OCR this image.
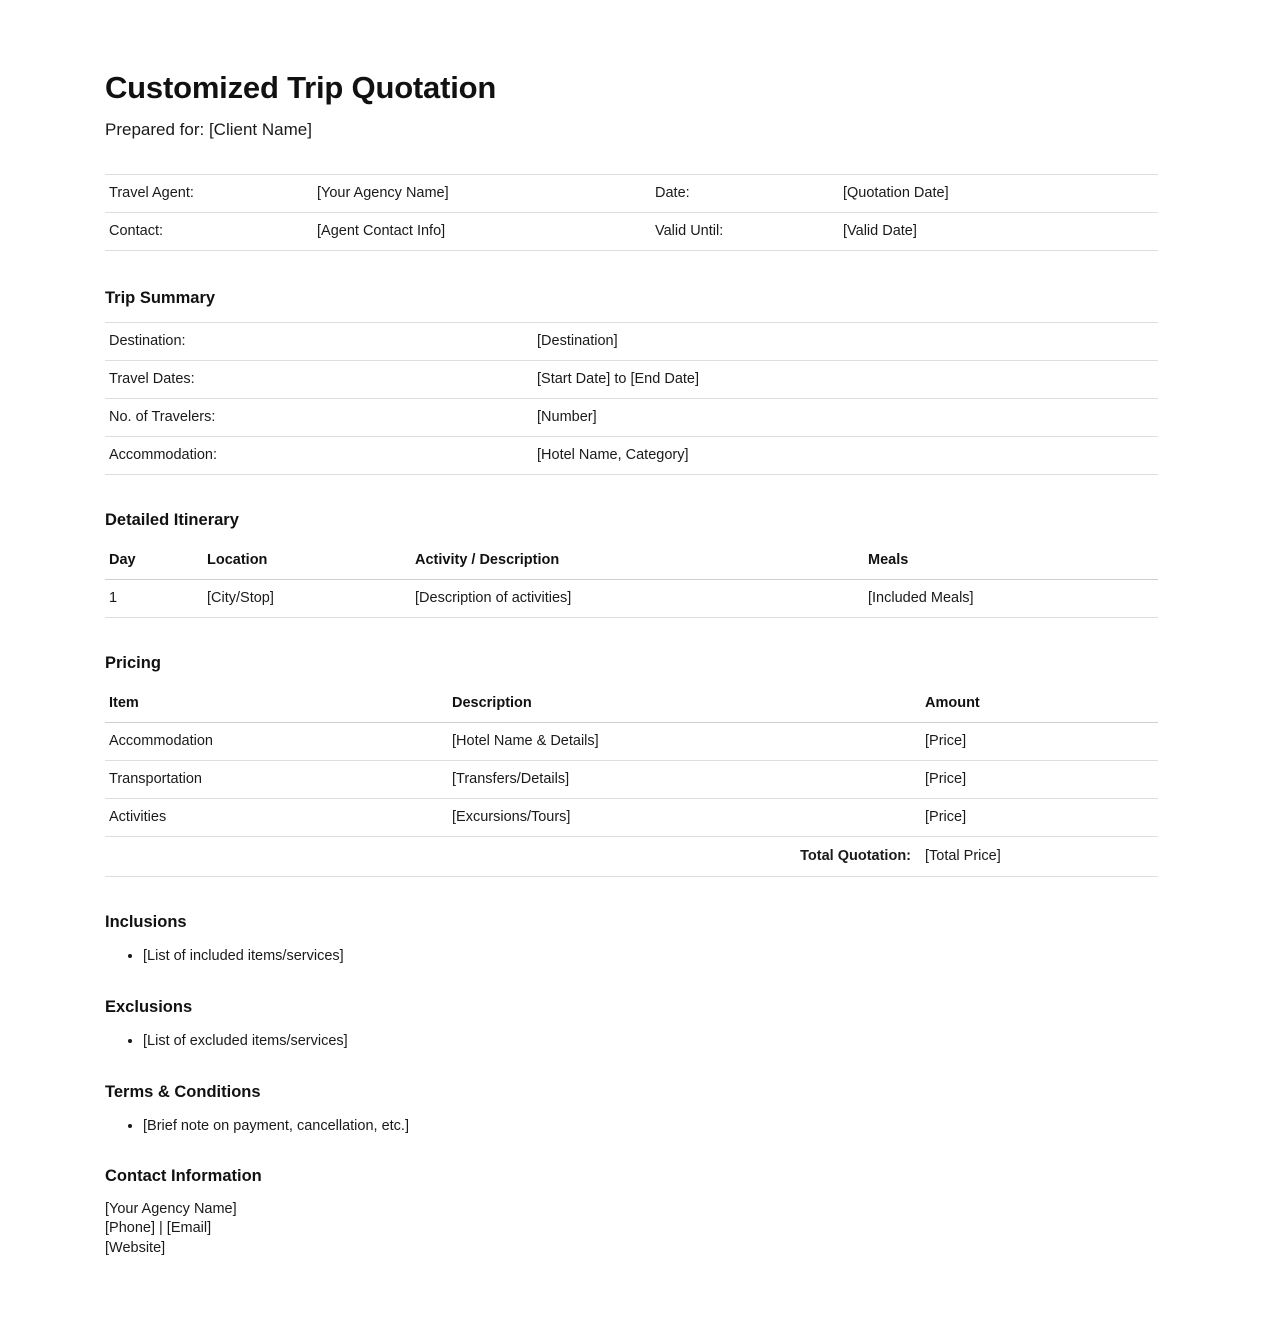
Customized Trip Quotation
Prepared for: [Client Name]
Travel Agent:	[Your Agency Name]	Date:	[Quotation Date]
Contact:	[Agent Contact Info]	Valid Until:	[Valid Date]
Trip Summary
Destination:	[Destination]
Travel Dates:	[Start Date] to [End Date]
No. of Travelers:	[Number]
Accommodation:	[Hotel Name, Category]
Detailed Itinerary
Day	Location	Activity / Description	Meals
1	[City/Stop]	[Description of activities]	[Included Meals]
Pricing
Item	Description	Amount
Accommodation	[Hotel Name & Details]	[Price]
Transportation	[Transfers/Details]	[Price]
Activities	[Excursions/Tours]	[Price]
	Total Quotation:	[Total Price]
Inclusions
• [List of included items/services]
Exclusions
• [List of excluded items/services]
Terms & Conditions
• [Brief note on payment, cancellation, etc.]
Contact Information
[Your Agency Name]
[Phone] | [Email]
[Website]
